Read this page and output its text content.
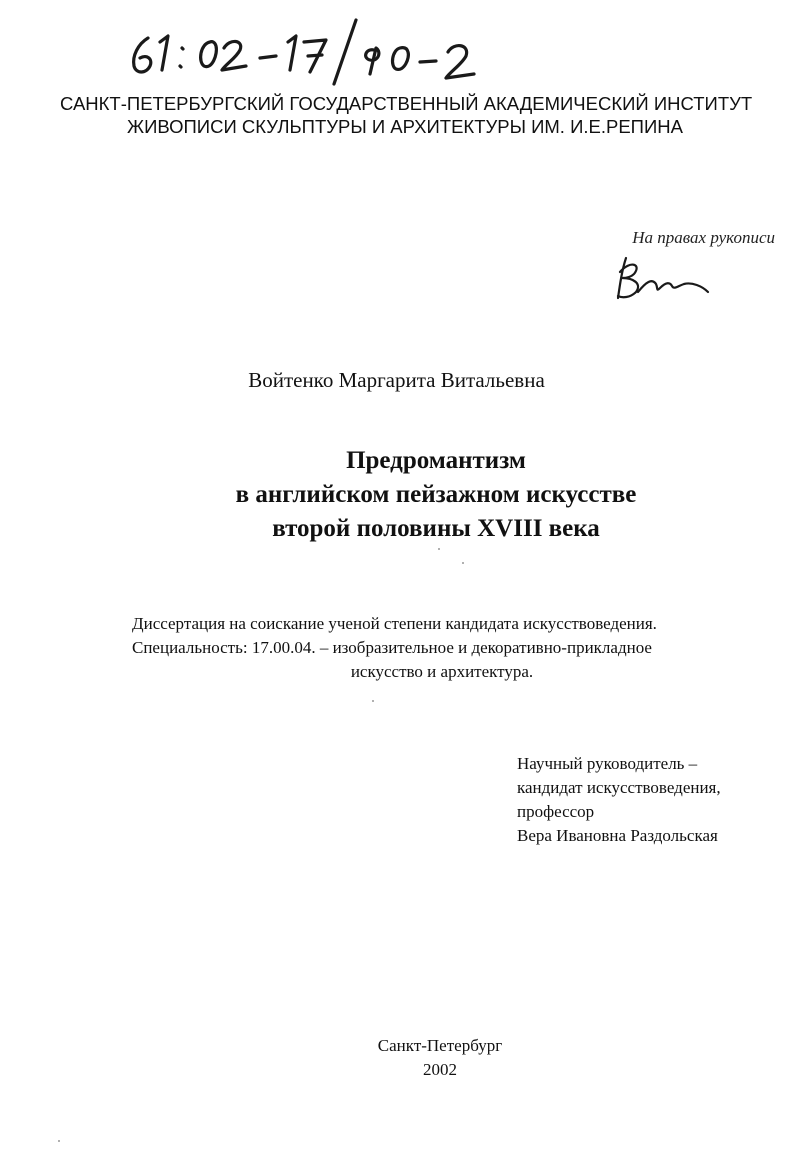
САНКТ-ПЕТЕРБУРГСКИЙ ГОСУДАРСТВЕННЫЙ АКАДЕМИЧЕСКИЙ ИНСТИТУТ
ЖИВОПИСИ СКУЛЬПТУРЫ И АРХИТЕКТУРЫ ИМ. И.Е.РЕПИНА
На правах рукописи
Войтенко Маргарита Витальевна
Предромантизм
в английском пейзажном искусстве
второй половины XVIII века
Диссертация на соискание ученой степени кандидата искусствоведения.
Специальность: 17.00.04. – изобразительное и декоративно-прикладное
искусство и архитектура.
Научный руководитель –
кандидат искусствоведения,
профессор
Вера Ивановна Раздольская
Санкт-Петербург
2002
